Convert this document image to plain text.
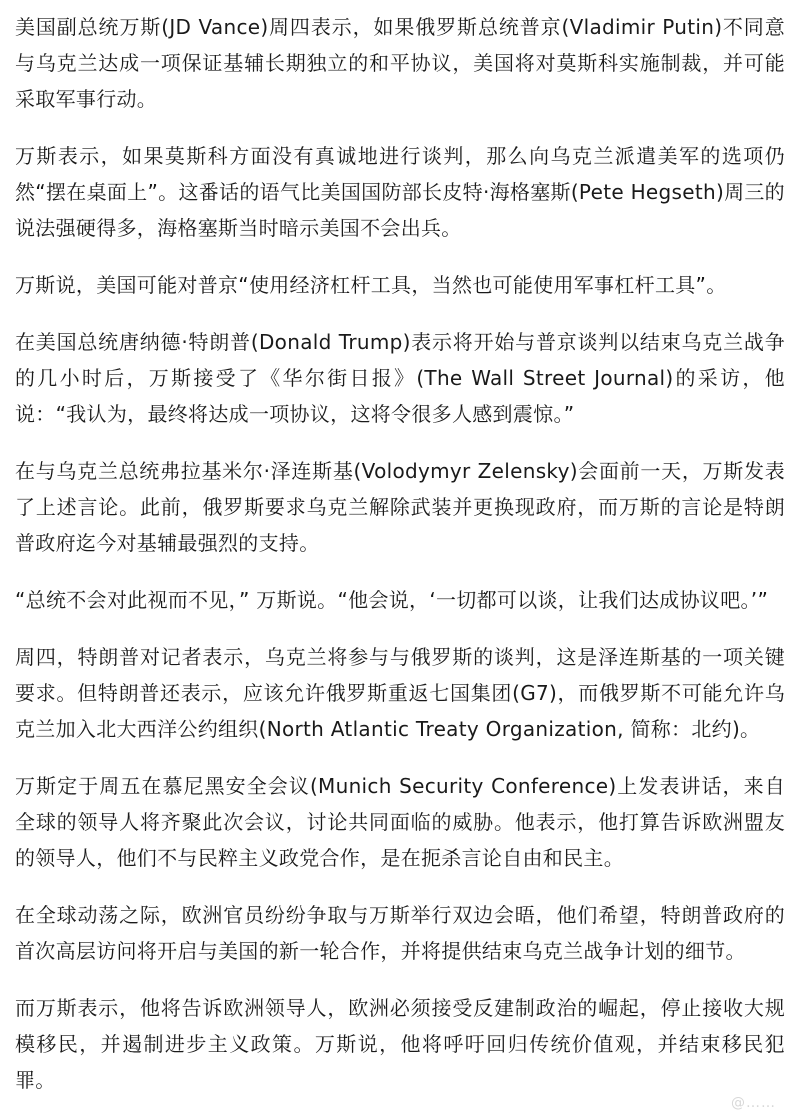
美国副总统万斯(JD Vance)周四表示，如果俄罗斯总统普京(Vladimir Putin)不同意与乌克兰达成一项保证基辅长期独立的和平协议，美国将对莫斯科实施制裁，并可能采取军事行动。

万斯表示，如果莫斯科方面没有真诚地进行谈判，那么向乌克兰派遣美军的选项仍然“摆在桌面上”。这番话的语气比美国国防部长皮特·海格塞斯(Pete Hegseth)周三的说法强硬得多，海格塞斯当时暗示美国不会出兵。

万斯说，美国可能对普京“使用经济杠杆工具，当然也可能使用军事杠杆工具”。

在美国总统唐纳德·特朗普(Donald Trump)表示将开始与普京谈判以结束乌克兰战争的几小时后，万斯接受了《华尔街日报》(The Wall Street Journal)的采访，他说：“我认为，最终将达成一项协议，这将令很多人感到震惊。”

在与乌克兰总统弗拉基米尔·泽连斯基(Volodymyr Zelensky)会面前一天，万斯发表了上述言论。此前，俄罗斯要求乌克兰解除武装并更换现政府，而万斯的言论是特朗普政府迄今对基辅最强烈的支持。

“总统不会对此视而不见，” 万斯说。“他会说，‘一切都可以谈，让我们达成协议吧。’”

周四，特朗普对记者表示，乌克兰将参与与俄罗斯的谈判，这是泽连斯基的一项关键要求。但特朗普还表示，应该允许俄罗斯重返七国集团(G7)，而俄罗斯不可能允许乌克兰加入北大西洋公约组织(North Atlantic Treaty Organization, 简称：北约)。

万斯定于周五在慕尼黑安全会议(Munich Security Conference)上发表讲话，来自全球的领导人将齐聚此次会议，讨论共同面临的威胁。他表示，他打算告诉欧洲盟友的领导人，他们不与民粹主义政党合作，是在扼杀言论自由和民主。

在全球动荡之际，欧洲官员纷纷争取与万斯举行双边会晤，他们希望，特朗普政府的首次高层访问将开启与美国的新一轮合作，并将提供结束乌克兰战争计划的细节。

而万斯表示，他将告诉欧洲领导人，欧洲必须接受反建制政治的崛起，停止接收大规模移民，并遏制进步主义政策。万斯说，他将呼吁回归传统价值观，并结束移民犯罪。

@……
